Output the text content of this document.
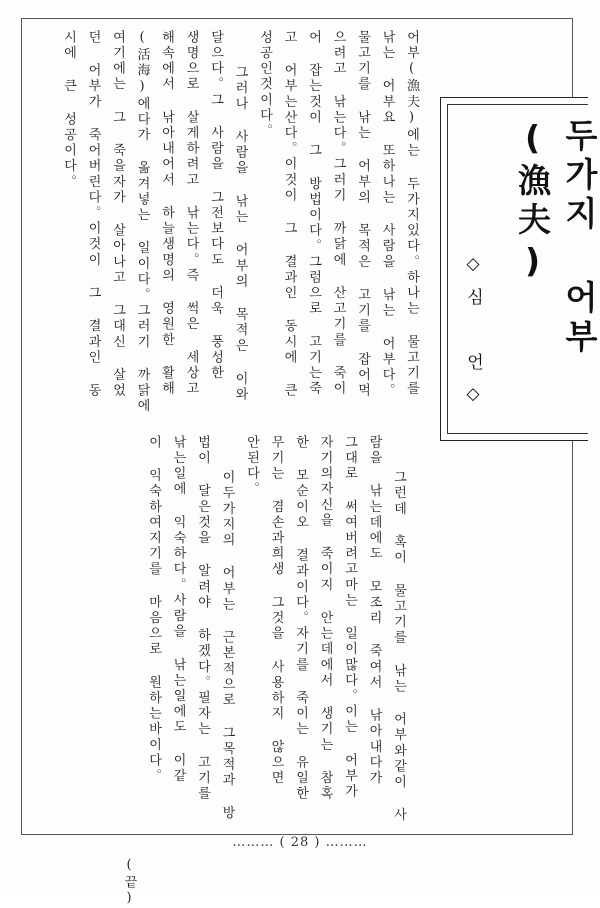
어부(漁夫)에는 두가지있다。하나는 물고기를

낚는 어부요 또하나는 사람을 낚는 어부다。

물고기를 낚는 어부의 목적은 고기를 잡어먹

으려고 낚는다。그러기 까닭에 산고기를 죽이

어 잡는것이 그 방법이다。그럼으로 고기는죽

고 어부는산다。이것이 그 결과인 동시에 큰

성공인것이다。

그러나 사람을 낚는 어부의 목적은 이와

달으다。그 사람을 그전보다도 더욱 풍성한

생명으로 살게하려고 낚는다。즉 썩은 세상고

해속에서 낚아내어서 하늘생명의 영원한 활해

(活海)에다가 옮겨넣는 일이다。그러기 까닭에

여기에는 그 죽을자가 살아나고 그대신 살었

던 어부가 죽어버린다。이것이 그 결과인 동

시에 큰 성공이다。

그런데 혹이 물고기를 낚는 어부와같이 사

람을 낚는데에도 모조리 죽여서 낚아내다가

그대로 써여버려고마는 일이많다。이는 어부가

자기의자신을 죽이지 안는데에서 생기는 참혹

한 모순이오 결과이다。자기를 죽이는 유일한

무기는 겸손과희생 그것을 사용하지 않으면

안된다。

이두가지의 어부는 근본적으로 그목적과 방

법이 달은것을 알려야 하겠다。필자는 고기를

낚는일에 익숙하다。사람을 낚는일에도 이같

이 익숙하여지기를 마음으로 원하는바이다。

(끝)

두가지 어부(漁夫)
◇심 언◇
……… ( 28 ) ………
